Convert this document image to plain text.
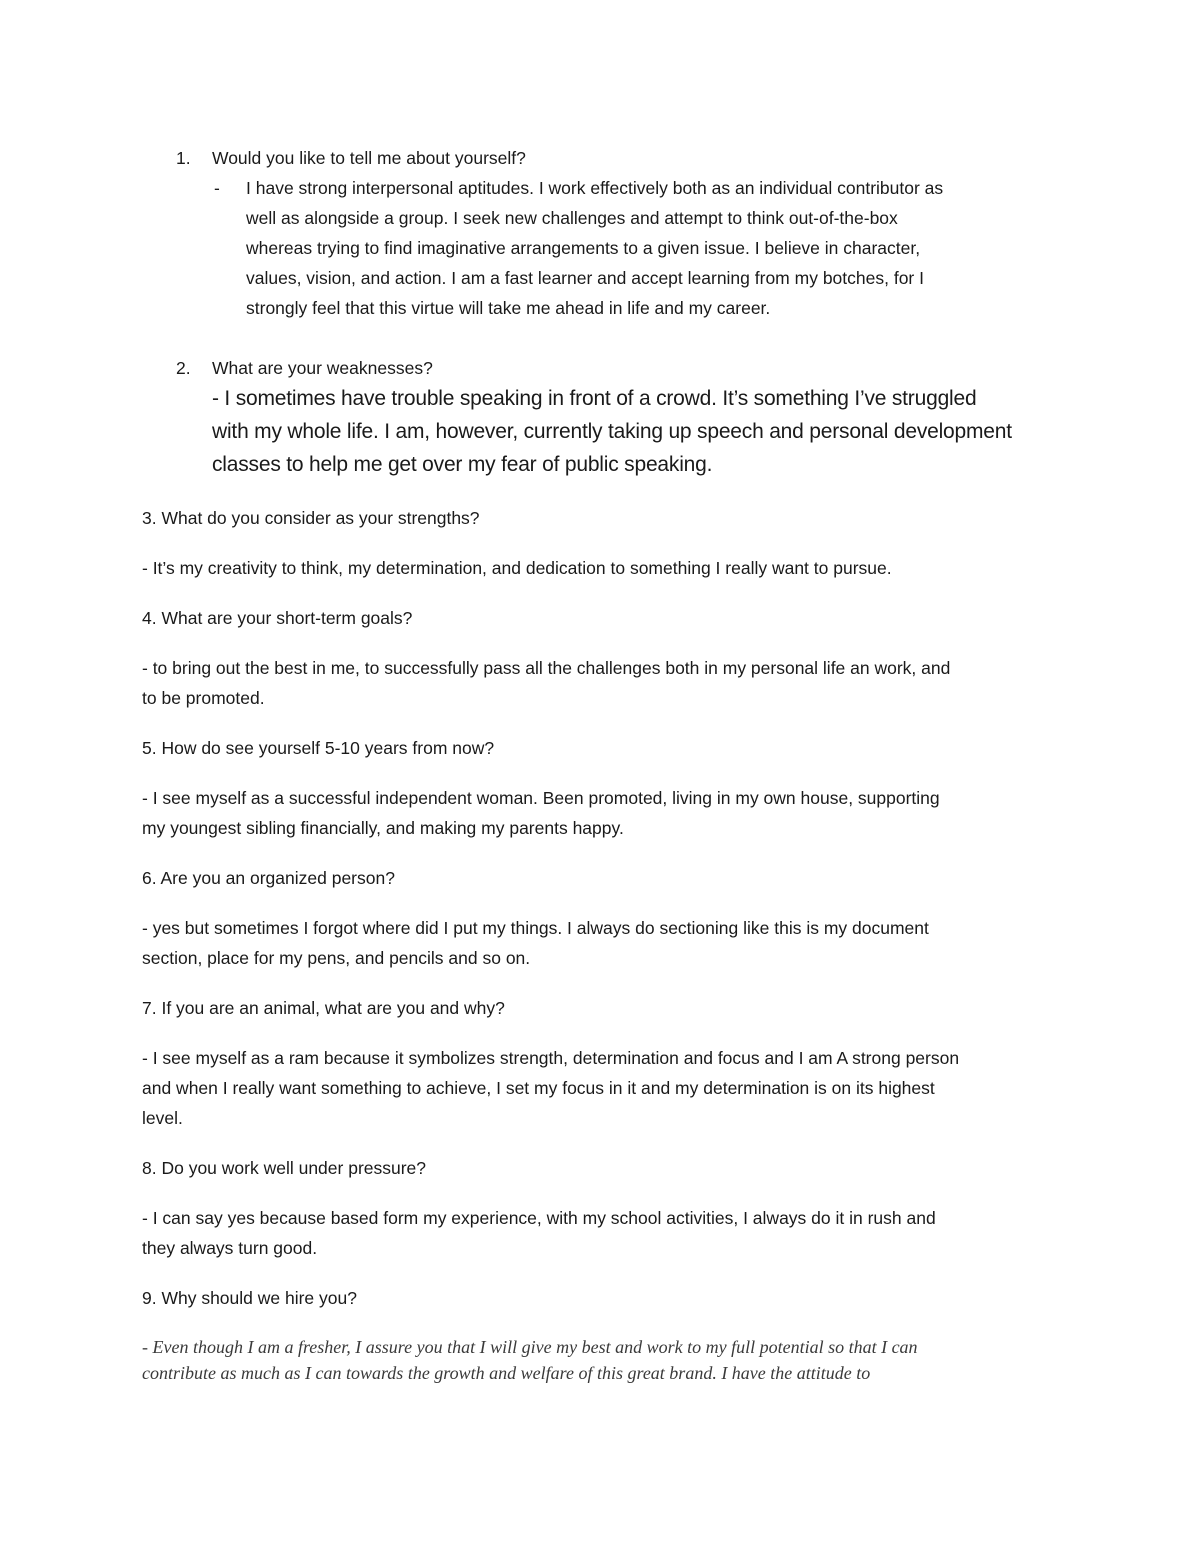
1. Would you like to tell me about yourself?
- I have strong interpersonal aptitudes. I work effectively both as an individual contributor as
well as alongside a group. I seek new challenges and attempt to think out-of-the-box
whereas trying to find imaginative arrangements to a given issue. I believe in character,
values, vision, and action. I am a fast learner and accept learning from my botches, for I
strongly feel that this virtue will take me ahead in life and my career.
2. What are your weaknesses?
- I sometimes have trouble speaking in front of a crowd. It’s something I’ve struggled
with my whole life. I am, however, currently taking up speech and personal development
classes to help me get over my fear of public speaking.
3. What do you consider as your strengths?
- It’s my creativity to think, my determination, and dedication to something I really want to pursue.
4. What are your short-term goals?
- to bring out the best in me, to successfully pass all the challenges both in my personal life an work, and
to be promoted.
5. How do see yourself 5-10 years from now?
- I see myself as a successful independent woman. Been promoted, living in my own house, supporting
my youngest sibling financially, and making my parents happy.
6. Are you an organized person?
- yes but sometimes I forgot where did I put my things. I always do sectioning like this is my document
section, place for my pens, and pencils and so on.
7. If you are an animal, what are you and why?
- I see myself as a ram because it symbolizes strength, determination and focus and I am A strong person
and when I really want something to achieve, I set my focus in it and my determination is on its highest
level.
8. Do you work well under pressure?
- I can say yes because based form my experience, with my school activities, I always do it in rush and
they always turn good.
9. Why should we hire you?
- Even though I am a fresher, I assure you that I will give my best and work to my full potential so that I can
contribute as much as I can towards the growth and welfare of this great brand. I have the attitude to
